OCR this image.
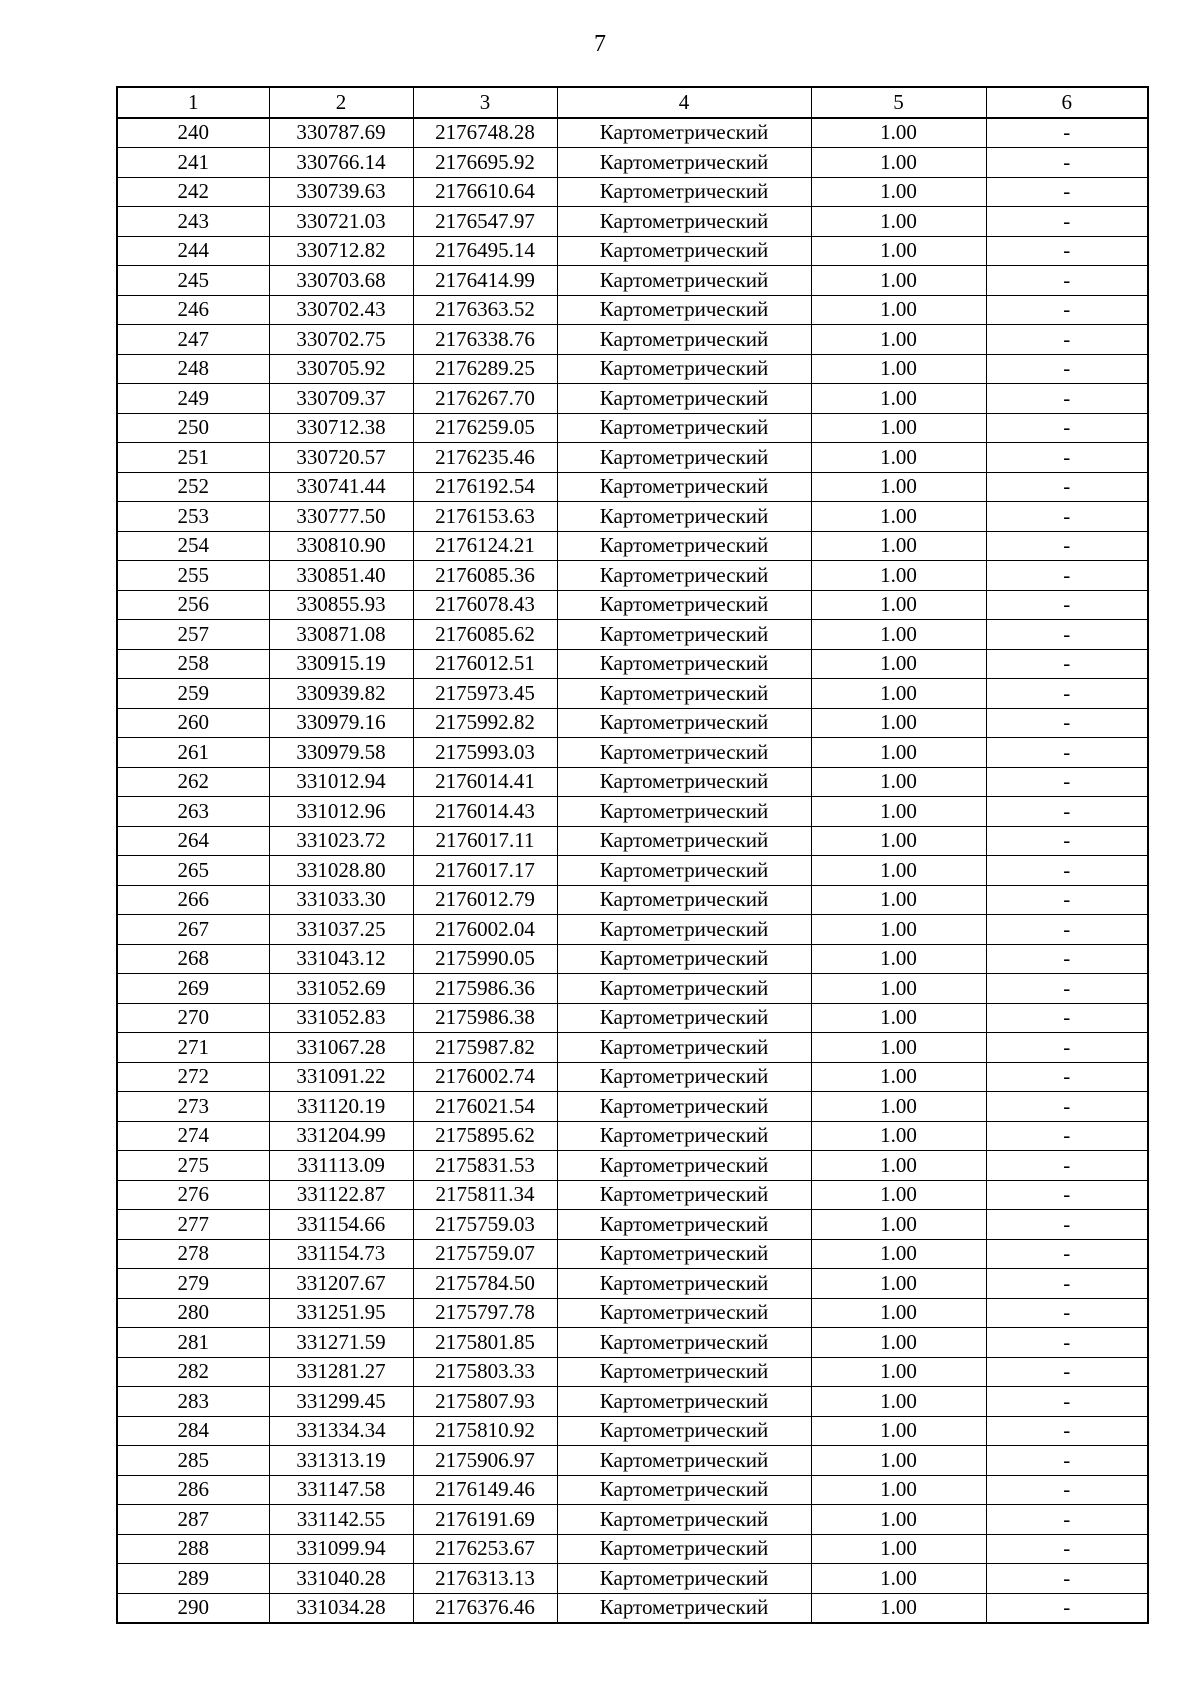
7
1	2	3	4	5	6
240	330787.69	2176748.28	Картометрический	1.00	-
241	330766.14	2176695.92	Картометрический	1.00	-
242	330739.63	2176610.64	Картометрический	1.00	-
243	330721.03	2176547.97	Картометрический	1.00	-
244	330712.82	2176495.14	Картометрический	1.00	-
245	330703.68	2176414.99	Картометрический	1.00	-
246	330702.43	2176363.52	Картометрический	1.00	-
247	330702.75	2176338.76	Картометрический	1.00	-
248	330705.92	2176289.25	Картометрический	1.00	-
249	330709.37	2176267.70	Картометрический	1.00	-
250	330712.38	2176259.05	Картометрический	1.00	-
251	330720.57	2176235.46	Картометрический	1.00	-
252	330741.44	2176192.54	Картометрический	1.00	-
253	330777.50	2176153.63	Картометрический	1.00	-
254	330810.90	2176124.21	Картометрический	1.00	-
255	330851.40	2176085.36	Картометрический	1.00	-
256	330855.93	2176078.43	Картометрический	1.00	-
257	330871.08	2176085.62	Картометрический	1.00	-
258	330915.19	2176012.51	Картометрический	1.00	-
259	330939.82	2175973.45	Картометрический	1.00	-
260	330979.16	2175992.82	Картометрический	1.00	-
261	330979.58	2175993.03	Картометрический	1.00	-
262	331012.94	2176014.41	Картометрический	1.00	-
263	331012.96	2176014.43	Картометрический	1.00	-
264	331023.72	2176017.11	Картометрический	1.00	-
265	331028.80	2176017.17	Картометрический	1.00	-
266	331033.30	2176012.79	Картометрический	1.00	-
267	331037.25	2176002.04	Картометрический	1.00	-
268	331043.12	2175990.05	Картометрический	1.00	-
269	331052.69	2175986.36	Картометрический	1.00	-
270	331052.83	2175986.38	Картометрический	1.00	-
271	331067.28	2175987.82	Картометрический	1.00	-
272	331091.22	2176002.74	Картометрический	1.00	-
273	331120.19	2176021.54	Картометрический	1.00	-
274	331204.99	2175895.62	Картометрический	1.00	-
275	331113.09	2175831.53	Картометрический	1.00	-
276	331122.87	2175811.34	Картометрический	1.00	-
277	331154.66	2175759.03	Картометрический	1.00	-
278	331154.73	2175759.07	Картометрический	1.00	-
279	331207.67	2175784.50	Картометрический	1.00	-
280	331251.95	2175797.78	Картометрический	1.00	-
281	331271.59	2175801.85	Картометрический	1.00	-
282	331281.27	2175803.33	Картометрический	1.00	-
283	331299.45	2175807.93	Картометрический	1.00	-
284	331334.34	2175810.92	Картометрический	1.00	-
285	331313.19	2175906.97	Картометрический	1.00	-
286	331147.58	2176149.46	Картометрический	1.00	-
287	331142.55	2176191.69	Картометрический	1.00	-
288	331099.94	2176253.67	Картометрический	1.00	-
289	331040.28	2176313.13	Картометрический	1.00	-
290	331034.28	2176376.46	Картометрический	1.00	-
